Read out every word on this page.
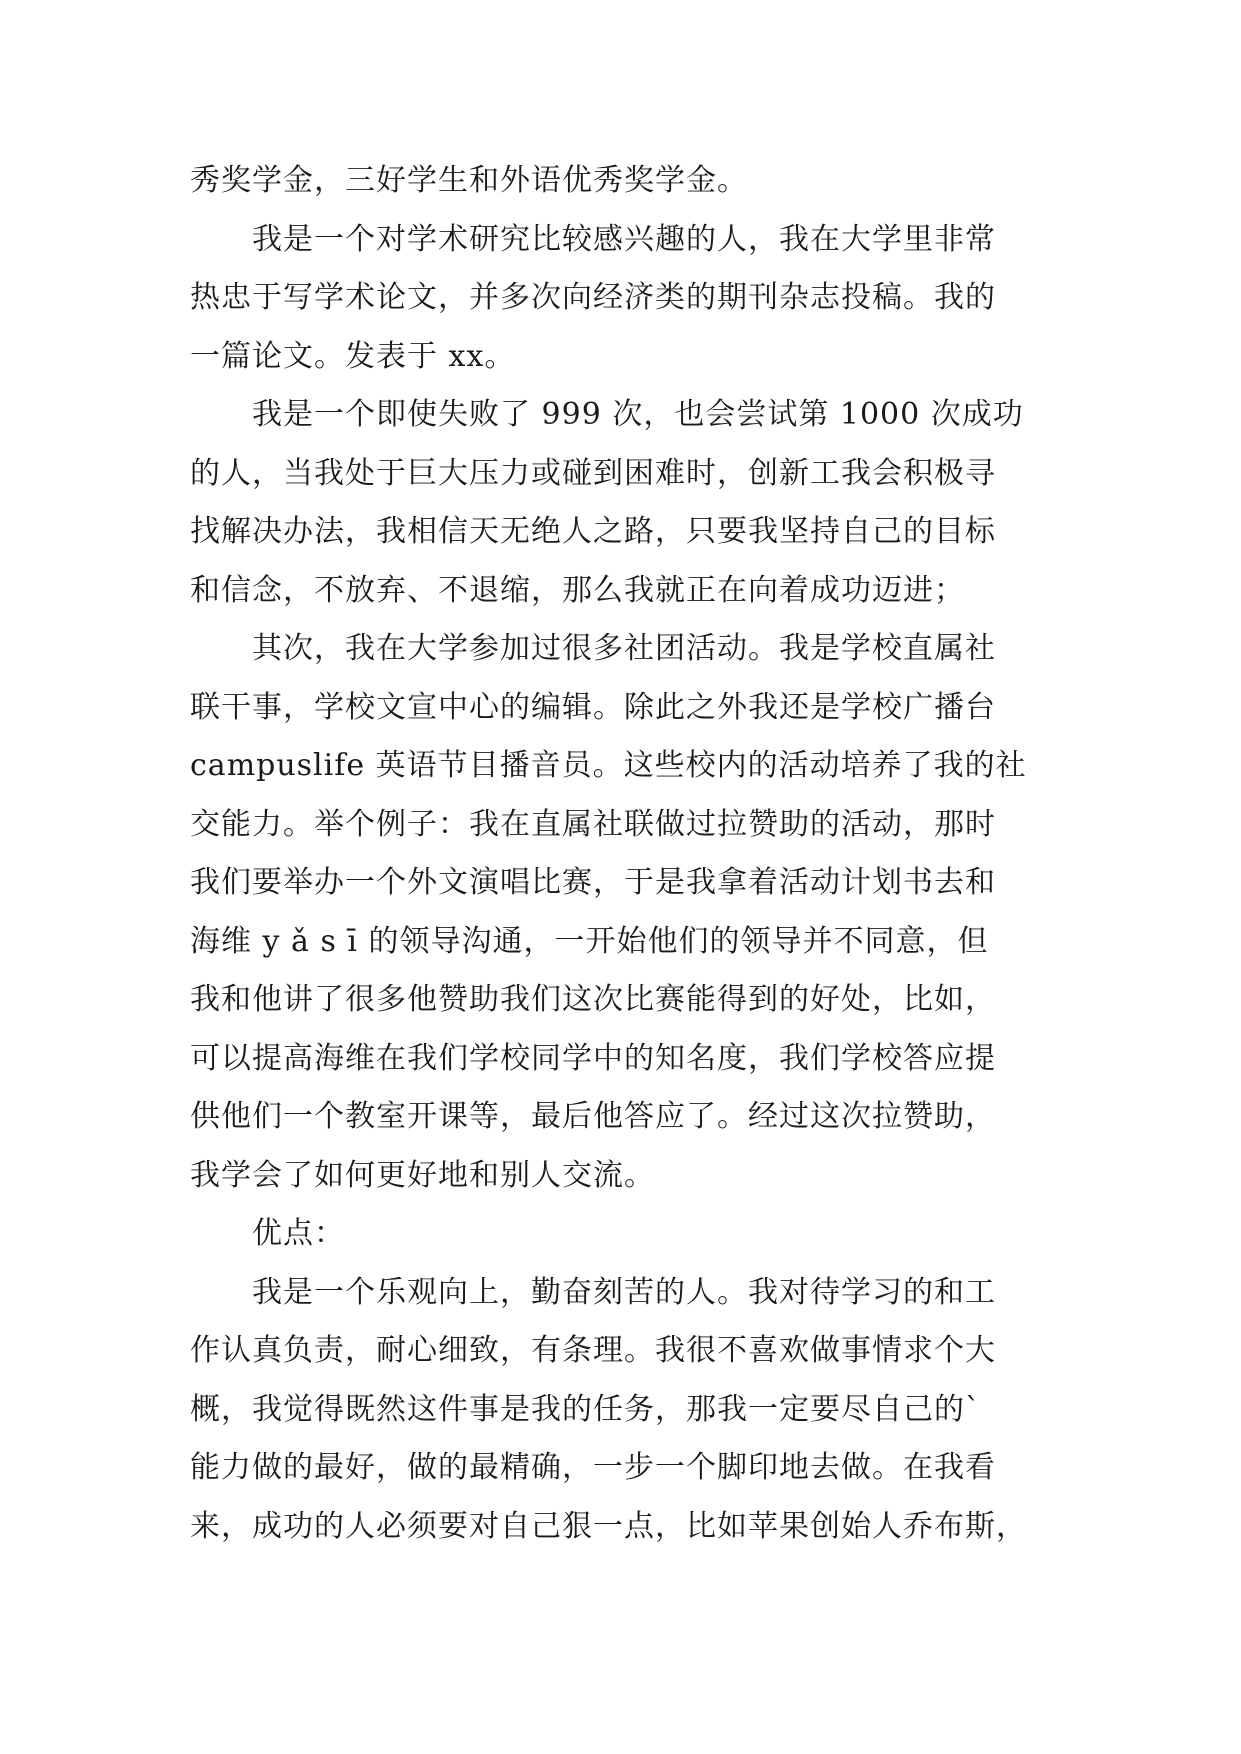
秀奖学金，三好学生和外语优秀奖学金。
　　我是一个对学术研究比较感兴趣的人，我在大学里非常
热忠于写学术论文，并多次向经济类的期刊杂志投稿。我的
一篇论文。发表于 xx。
　　我是一个即使失败了 999 次，也会尝试第 1000 次成功
的人，当我处于巨大压力或碰到困难时，创新工我会积极寻
找解决办法，我相信天无绝人之路，只要我坚持自己的目标
和信念，不放弃、不退缩，那么我就正在向着成功迈进；
　　其次，我在大学参加过很多社团活动。我是学校直属社
联干事，学校文宣中心的编辑。除此之外我还是学校广播台
campuslife 英语节目播音员。这些校内的活动培养了我的社
交能力。举个例子：我在直属社联做过拉赞助的活动，那时
我们要举办一个外文演唱比赛，于是我拿着活动计划书去和
海维 y ǎ s ī 的领导沟通，一开始他们的领导并不同意，但
我和他讲了很多他赞助我们这次比赛能得到的好处，比如，
可以提高海维在我们学校同学中的知名度，我们学校答应提
供他们一个教室开课等，最后他答应了。经过这次拉赞助，
我学会了如何更好地和别人交流。
　　优点：
　　我是一个乐观向上，勤奋刻苦的人。我对待学习的和工
作认真负责，耐心细致，有条理。我很不喜欢做事情求个大
概，我觉得既然这件事是我的任务，那我一定要尽自己的`
能力做的最好，做的最精确，一步一个脚印地去做。在我看
来，成功的人必须要对自己狠一点，比如苹果创始人乔布斯，
